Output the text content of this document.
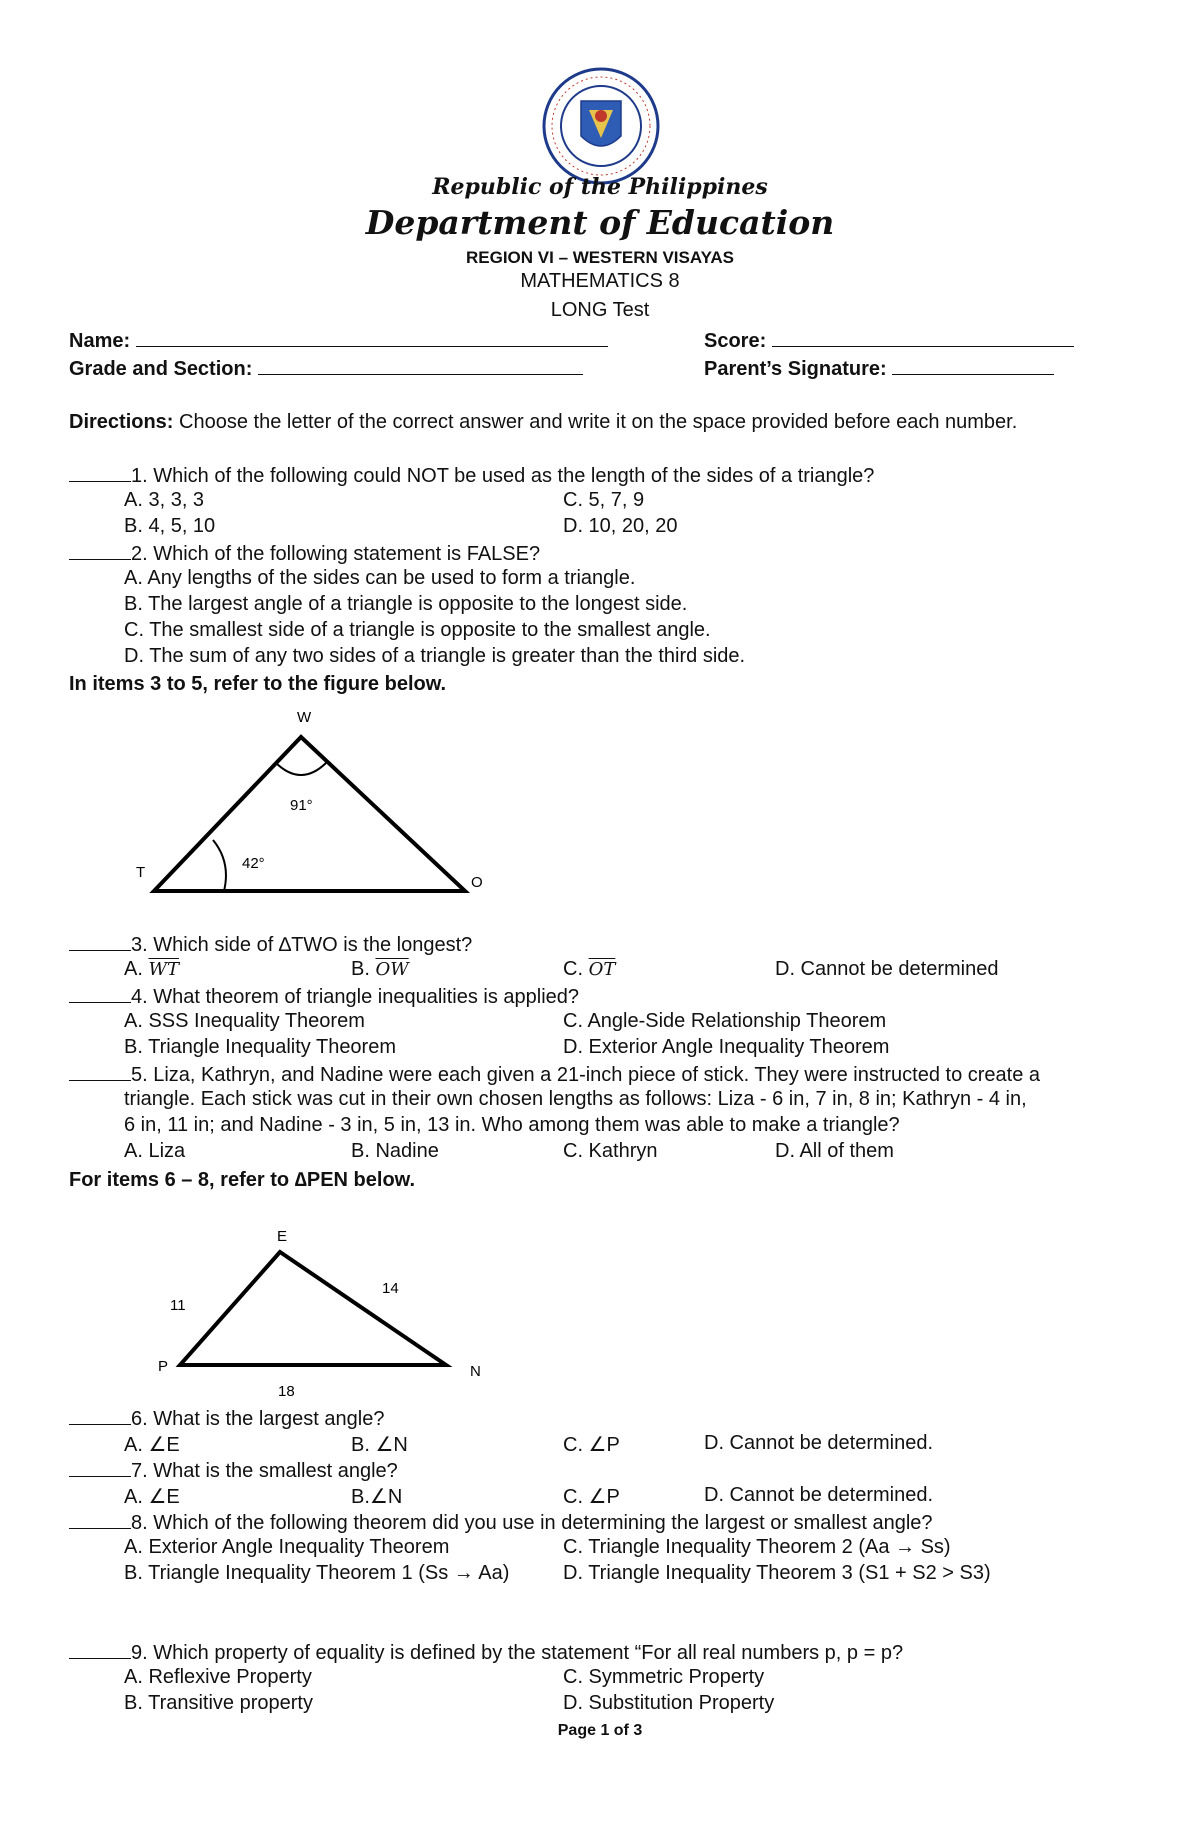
Republic of the Philippines
Department of Education
REGION VI – WESTERN VISAYAS
MATHEMATICS 8
LONG Test
Name:	Score:
Grade and Section:	Parent’s Signature:
Directions: Choose the letter of the correct answer and write it on the space provided before each number.
1. Which of the following could NOT be used as the length of the sides of a triangle?
A. 3, 3, 3	C. 5, 7, 9
B. 4, 5, 10	D. 10, 20, 20
2. Which of the following statement is FALSE?
A. Any lengths of the sides can be used to form a triangle.
B. The largest angle of a triangle is opposite to the longest side.
C. The smallest side of a triangle is opposite to the smallest angle.
D. The sum of any two sides of a triangle is greater than the third side.
In items 3 to 5, refer to the figure below.
W
T
O
91°
42°
3. Which side of ∆TWO is the longest?
A. $\overline{WT}$	B. $\overline{OW}$	C. $\overline{OT}$	D. Cannot be determined
4. What theorem of triangle inequalities is applied?
A. SSS Inequality Theorem	C. Angle-Side Relationship Theorem
B. Triangle Inequality Theorem	D. Exterior Angle Inequality Theorem
5. Liza, Kathryn, and Nadine were each given a 21-inch piece of stick. They were instructed to create a
triangle. Each stick was cut in their own chosen lengths as follows: Liza - 6 in, 7 in, 8 in; Kathryn - 4 in,
6 in, 11 in; and Nadine - 3 in, 5 in, 13 in. Who among them was able to make a triangle?
A. Liza	B. Nadine	C. Kathryn	D. All of them
For items 6 – 8, refer to ∆PEN below.
E
P	N
11
14
18
6. What is the largest angle?
A. ∠E	B. ∠N	C. ∠P	D. Cannot be determined.
7. What is the smallest angle?
A. ∠E	B.∠N	C. ∠P	D. Cannot be determined.
8. Which of the following theorem did you use in determining the largest or smallest angle?
A. Exterior Angle Inequality Theorem	C. Triangle Inequality Theorem 2 (Aa → Ss)
B. Triangle Inequality Theorem 1 (Ss → Aa)	D. Triangle Inequality Theorem 3 (S1 + S2 > S3)
9. Which property of equality is defined by the statement “For all real numbers p, p = p?
A. Reflexive Property	C. Symmetric Property
B. Transitive property	D. Substitution Property
Page 1 of 3
